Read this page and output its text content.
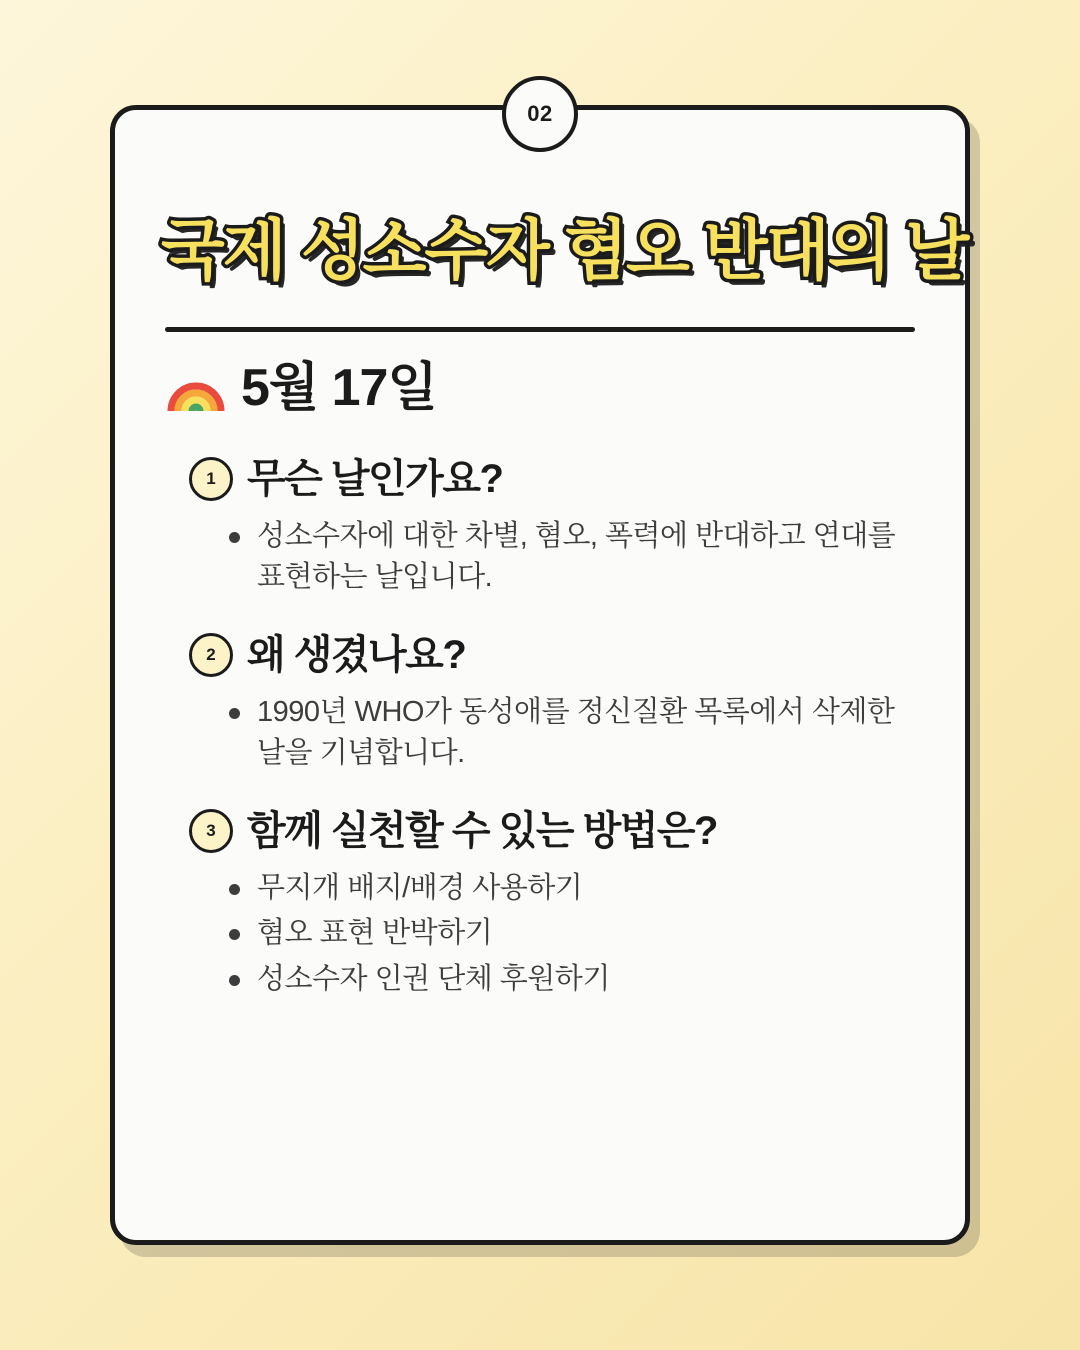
02
국제 성소수자 혐오 반대의 날
5월 17일
1 무슨 날인가요?
성소수자에 대한 차별, 혐오, 폭력에 반대하고 연대를 표현하는 날입니다.
2 왜 생겼나요?
1990년 WHO가 동성애를 정신질환 목록에서 삭제한 날을 기념합니다.
3 함께 실천할 수 있는 방법은?
무지개 배지/배경 사용하기
혐오 표현 반박하기
성소수자 인권 단체 후원하기
